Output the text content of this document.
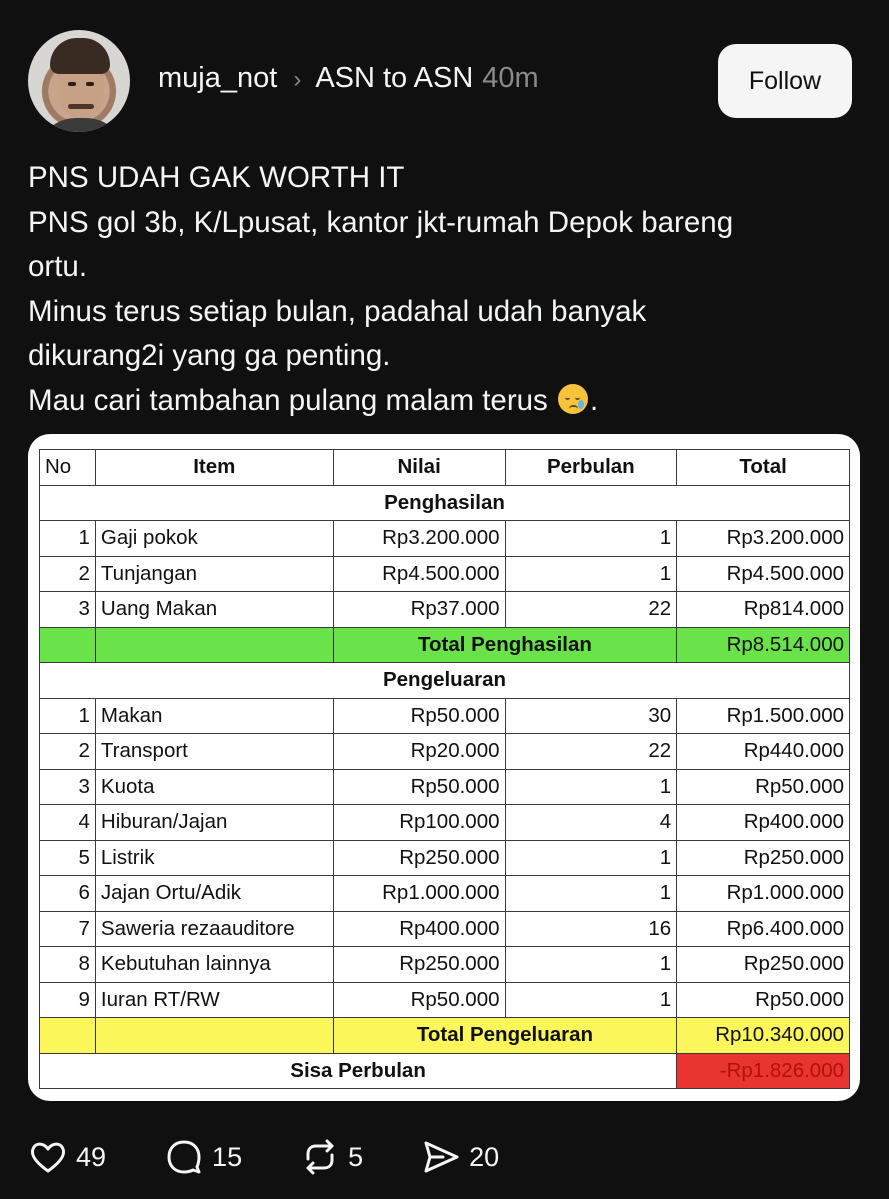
muja_not › ASN to ASN 40m	Follow
PNS UDAH GAK WORTH IT
PNS gol 3b, K/Lpusat, kantor jkt-rumah Depok bareng
ortu.
Minus terus setiap bulan, padahal udah banyak
dikurang2i yang ga penting.
Mau cari tambahan pulang malam terus .
No	Item	Nilai	Perbulan	Total
Penghasilan				
1	Gaji pokok	Rp3.200.000	1	Rp3.200.000
2	Tunjangan	Rp4.500.000	1	Rp4.500.000
3	Uang Makan	Rp37.000	22	Rp814.000
		Total Penghasilan		Rp8.514.000
Pengeluaran				
1	Makan	Rp50.000	30	Rp1.500.000
2	Transport	Rp20.000	22	Rp440.000
3	Kuota	Rp50.000	1	Rp50.000
4	Hiburan/Jajan	Rp100.000	4	Rp400.000
5	Listrik	Rp250.000	1	Rp250.000
6	Jajan Ortu/Adik	Rp1.000.000	1	Rp1.000.000
7	Saweria rezaauditore	Rp400.000	16	Rp6.400.000
8	Kebutuhan lainnya	Rp250.000	1	Rp250.000
9	Iuran RT/RW	Rp50.000	1	Rp50.000
		Total Pengeluaran		Rp10.340.000
Sisa Perbulan				-Rp1.826.000
49	15	5	20
